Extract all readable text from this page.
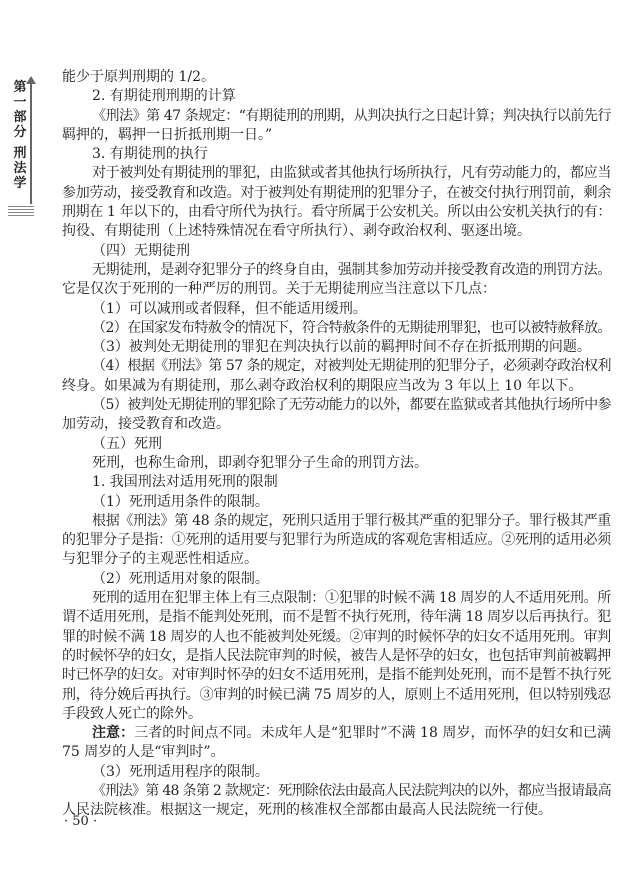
第
一
部
分
刑
法
学
能少于原判刑期的 1/2。
2. 有期徒刑刑期的计算
《刑法》第 47 条规定：“有期徒刑的刑期，从判决执行之日起计算；判决执行以前先行
羁押的，羁押一日折抵刑期一日。”
3. 有期徒刑的执行
对于被判处有期徒刑的罪犯，由监狱或者其他执行场所执行，凡有劳动能力的，都应当
参加劳动，接受教育和改造。对于被判处有期徒刑的犯罪分子，在被交付执行刑罚前，剩余
刑期在 1 年以下的，由看守所代为执行。看守所属于公安机关。所以由公安机关执行的有：
拘役、有期徒刑（上述特殊情况在看守所执行）、剥夺政治权利、驱逐出境。
（四）无期徒刑
无期徒刑，是剥夺犯罪分子的终身自由，强制其参加劳动并接受教育改造的刑罚方法。
它是仅次于死刑的一种严厉的刑罚。关于无期徒刑应当注意以下几点：
（1）可以减刑或者假释，但不能适用缓刑。
（2）在国家发布特赦令的情况下，符合特赦条件的无期徒刑罪犯，也可以被特赦释放。
（3）被判处无期徒刑的罪犯在判决执行以前的羁押时间不存在折抵刑期的问题。
（4）根据《刑法》第 57 条的规定，对被判处无期徒刑的犯罪分子，必须剥夺政治权利
终身。如果减为有期徒刑，那么剥夺政治权利的期限应当改为 3 年以上 10 年以下。
（5）被判处无期徒刑的罪犯除了无劳动能力的以外，都要在监狱或者其他执行场所中参
加劳动，接受教育和改造。
（五）死刑
死刑，也称生命刑，即剥夺犯罪分子生命的刑罚方法。
1. 我国刑法对适用死刑的限制
（1）死刑适用条件的限制。
根据《刑法》第 48 条的规定，死刑只适用于罪行极其严重的犯罪分子。罪行极其严重
的犯罪分子是指：①死刑的适用要与犯罪行为所造成的客观危害相适应。②死刑的适用必须
与犯罪分子的主观恶性相适应。
（2）死刑适用对象的限制。
死刑的适用在犯罪主体上有三点限制：①犯罪的时候不满 18 周岁的人不适用死刑。所
谓不适用死刑，是指不能判处死刑，而不是暂不执行死刑，待年满 18 周岁以后再执行。犯
罪的时候不满 18 周岁的人也不能被判处死缓。②审判的时候怀孕的妇女不适用死刑。审判
的时候怀孕的妇女，是指人民法院审判的时候，被告人是怀孕的妇女，也包括审判前被羁押
时已怀孕的妇女。对审判时怀孕的妇女不适用死刑，是指不能判处死刑，而不是暂不执行死
刑，待分娩后再执行。③审判的时候已满 75 周岁的人，原则上不适用死刑，但以特别残忍
手段致人死亡的除外。
注意：三者的时间点不同。未成年人是“犯罪时”不满 18 周岁，而怀孕的妇女和已满
75 周岁的人是“审判时”。
（3）死刑适用程序的限制。
《刑法》第 48 条第 2 款规定：死刑除依法由最高人民法院判决的以外，都应当报请最高
人民法院核准。根据这一规定，死刑的核准权全部都由最高人民法院统一行使。
· 50 ·
